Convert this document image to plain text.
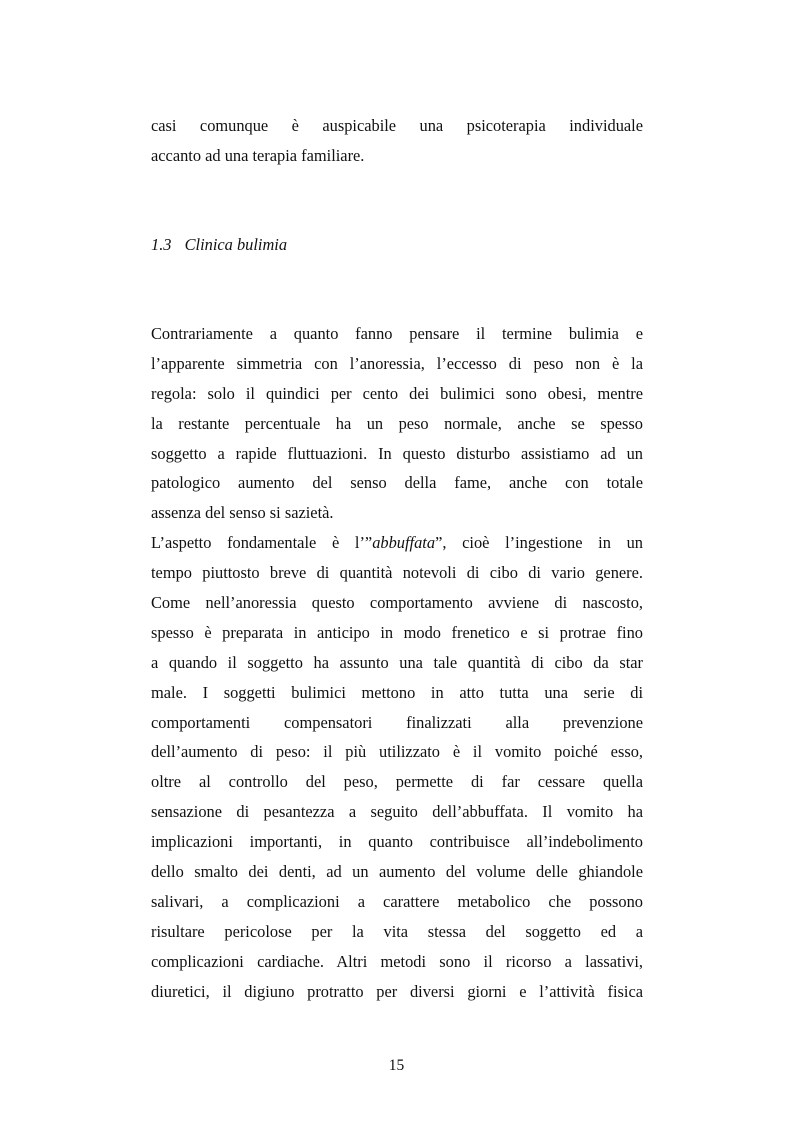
casi comunque è auspicabile una psicoterapia individuale
accanto ad una terapia familiare.
1.3 Clinica bulimia
Contrariamente a quanto fanno pensare il termine bulimia e
l’apparente simmetria con l’anoressia, l’eccesso di peso non è la
regola: solo il quindici per cento dei bulimici sono obesi, mentre
la restante percentuale ha un peso normale, anche se spesso
soggetto a rapide fluttuazioni. In questo disturbo assistiamo ad un
patologico aumento del senso della fame, anche con totale
assenza del senso si sazietà.
L’aspetto fondamentale è l’”abbuffata”, cioè l’ingestione in un
tempo piuttosto breve di quantità notevoli di cibo di vario genere.
Come nell’anoressia questo comportamento avviene di nascosto,
spesso è preparata in anticipo in modo frenetico e si protrae fino
a quando il soggetto ha assunto una tale quantità di cibo da star
male. I soggetti bulimici mettono in atto tutta una serie di
comportamenti compensatori finalizzati alla prevenzione
dell’aumento di peso: il più utilizzato è il vomito poiché esso,
oltre al controllo del peso, permette di far cessare quella
sensazione di pesantezza a seguito dell’abbuffata. Il vomito ha
implicazioni importanti, in quanto contribuisce all’indebolimento
dello smalto dei denti, ad un aumento del volume delle ghiandole
salivari, a complicazioni a carattere metabolico che possono
risultare pericolose per la vita stessa del soggetto ed a
complicazioni cardiache. Altri metodi sono il ricorso a lassativi,
diuretici, il digiuno protratto per diversi giorni e l’attività fisica
15
